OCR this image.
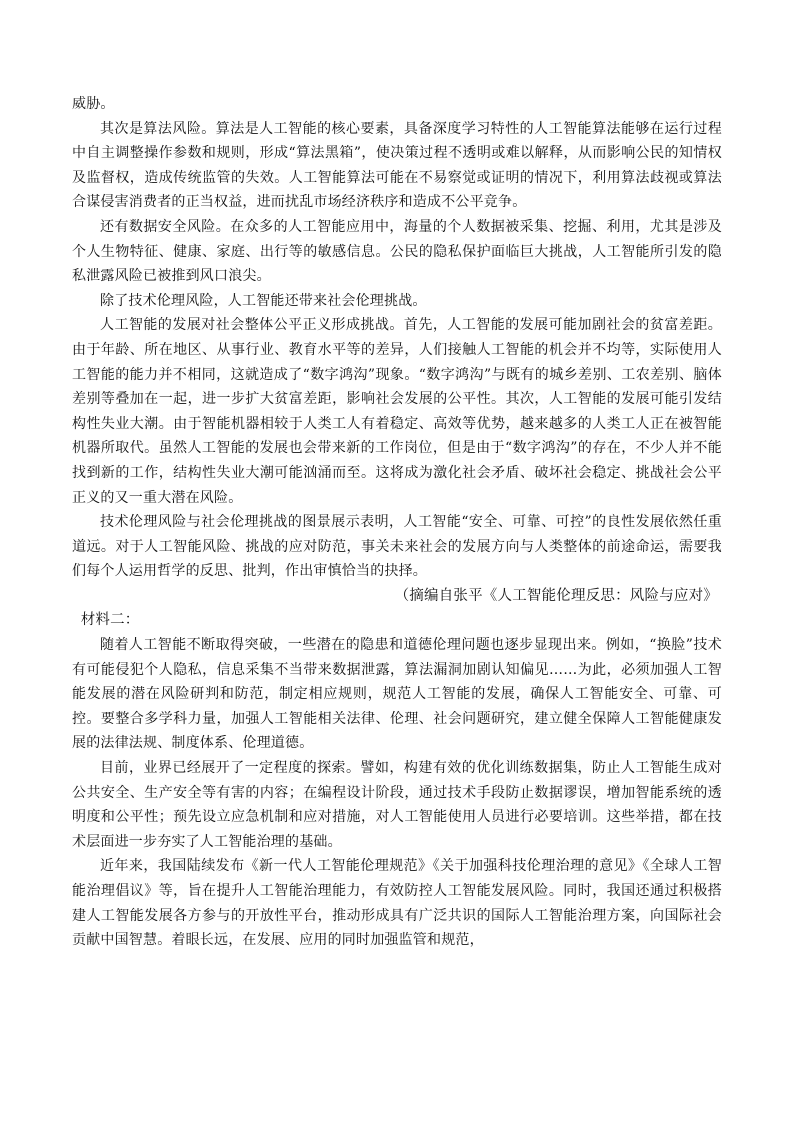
威胁。

其次是算法风险。算法是人工智能的核心要素，具备深度学习特性的人工智能算法能够在运行过程中自主调整操作参数和规则，形成“算法黑箱”，使决策过程不透明或难以解释，从而影响公民的知情权及监督权，造成传统监管的失效。人工智能算法可能在不易察觉或证明的情况下，利用算法歧视或算法合谋侵害消费者的正当权益，进而扰乱市场经济秩序和造成不公平竞争。

还有数据安全风险。在众多的人工智能应用中，海量的个人数据被采集、挖掘、利用，尤其是涉及个人生物特征、健康、家庭、出行等的敏感信息。公民的隐私保护面临巨大挑战，人工智能所引发的隐私泄露风险已被推到风口浪尖。

除了技术伦理风险，人工智能还带来社会伦理挑战。

人工智能的发展对社会整体公平正义形成挑战。首先，人工智能的发展可能加剧社会的贫富差距。由于年龄、所在地区、从事行业、教育水平等的差异，人们接触人工智能的机会并不均等，实际使用人工智能的能力并不相同，这就造成了“数字鸿沟”现象。“数字鸿沟”与既有的城乡差别、工农差别、脑体差别等叠加在一起，进一步扩大贫富差距，影响社会发展的公平性。其次，人工智能的发展可能引发结构性失业大潮。由于智能机器相较于人类工人有着稳定、高效等优势，越来越多的人类工人正在被智能机器所取代。虽然人工智能的发展也会带来新的工作岗位，但是由于“数字鸿沟”的存在，不少人并不能找到新的工作，结构性失业大潮可能汹涌而至。这将成为激化社会矛盾、破坏社会稳定、挑战社会公平正义的又一重大潜在风险。

技术伦理风险与社会伦理挑战的图景展示表明，人工智能“安全、可靠、可控”的良性发展依然任重道远。对于人工智能风险、挑战的应对防范，事关未来社会的发展方向与人类整体的前途命运，需要我们每个人运用哲学的反思、批判，作出审慎恰当的抉择。

（摘编自张平《人工智能伦理反思：风险与应对》

材料二：

随着人工智能不断取得突破，一些潜在的隐患和道德伦理问题也逐步显现出来。例如，“换脸”技术有可能侵犯个人隐私，信息采集不当带来数据泄露，算法漏洞加剧认知偏见……为此，必须加强人工智能发展的潜在风险研判和防范，制定相应规则，规范人工智能的发展，确保人工智能安全、可靠、可控。要整合多学科力量，加强人工智能相关法律、伦理、社会问题研究，建立健全保障人工智能健康发展的法律法规、制度体系、伦理道德。

目前，业界已经展开了一定程度的探索。譬如，构建有效的优化训练数据集，防止人工智能生成对公共安全、生产安全等有害的内容；在编程设计阶段，通过技术手段防止数据谬误，增加智能系统的透明度和公平性；预先设立应急机制和应对措施，对人工智能使用人员进行必要培训。这些举措，都在技术层面进一步夯实了人工智能治理的基础。

近年来，我国陆续发布《新一代人工智能伦理规范》《关于加强科技伦理治理的意见》《全球人工智能治理倡议》等，旨在提升人工智能治理能力，有效防控人工智能发展风险。同时，我国还通过积极搭建人工智能发展各方参与的开放性平台，推动形成具有广泛共识的国际人工智能治理方案，向国际社会贡献中国智慧。着眼长远，在发展、应用的同时加强监管和规范，
